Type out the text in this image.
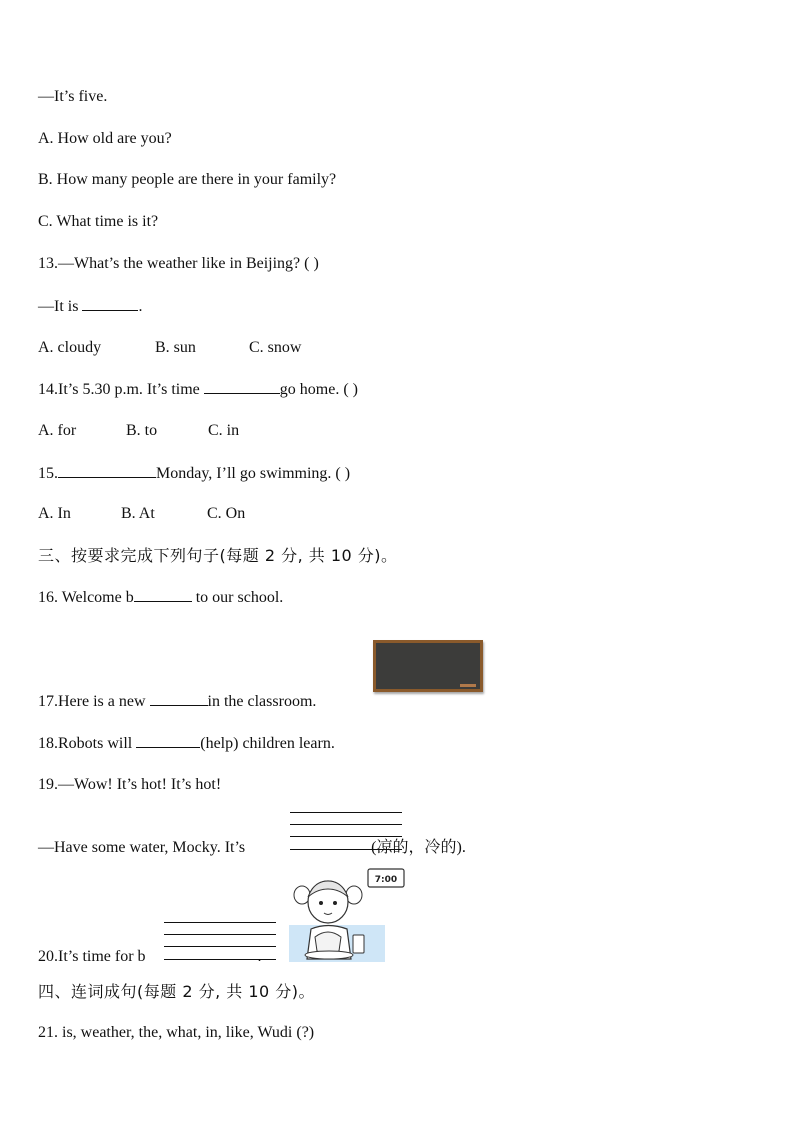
—It’s five.
A. How old are you?
B. How many people are there in your family?
C. What time is it?
13.—What’s the weather like in Beijing? ( )
—It is	.
A. cloudy	B. sun	C. snow
14.It’s 5.30 p.m. It’s time	go home. ( )
A. for	B. to	C. in
15.	Monday, I’ll go swimming. ( )
A. In	B. At	C. On
三、按要求完成下列句子(每题 2 分, 共 10 分)。
16. Welcome b	to our school.
17.Here is a new	in the classroom.
18.Robots will	(help) children learn.
19.—Wow! It’s hot! It’s hot!
—Have some water, Mocky. It’s	(凉的，冷的).
7:00
20.It’s time for b	.
四、连词成句(每题 2 分, 共 10 分)。
21. is, weather, the, what, in, like, Wudi (?)
